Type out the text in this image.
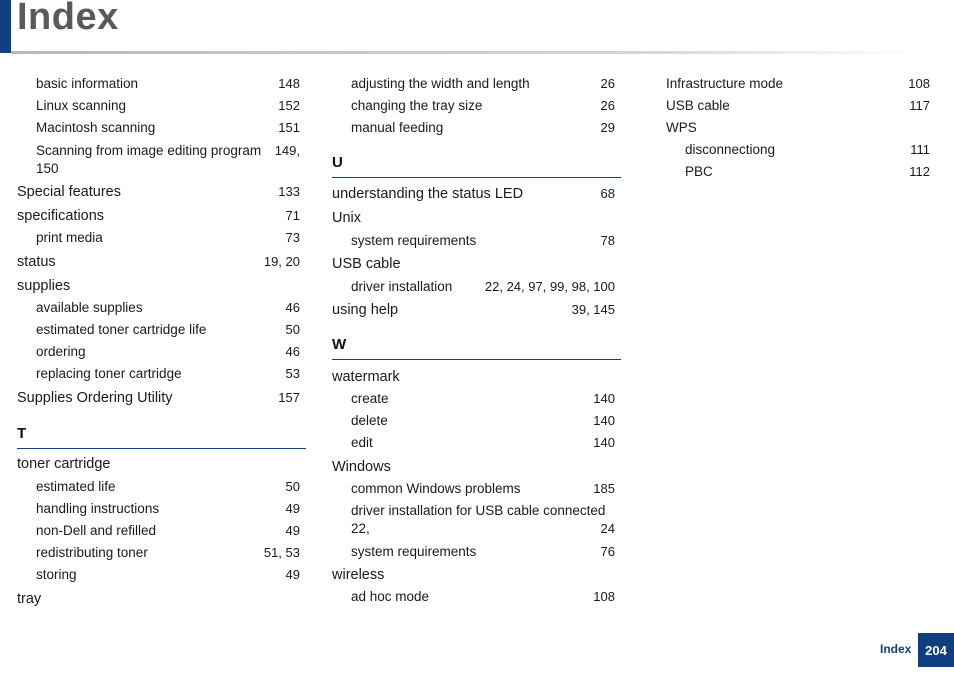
Index
basic information	148
Linux scanning	152
Macintosh scanning	151
Scanning from image editing program 149,
150
Special features	133
specifications	71
print media	73
status	19, 20
supplies
available supplies	46
estimated toner cartridge life	50
ordering	46
replacing toner cartridge	53
Supplies Ordering Utility	157
T
toner cartridge
estimated life	50
handling instructions	49
non-Dell and refilled	49
redistributing toner	51, 53
storing	49
tray
adjusting the width and length	26
changing the tray size	26
manual feeding	29
U
understanding the status LED	68
Unix
system requirements	78
USB cable
driver installation	22, 24, 97, 99, 98, 100
using help	39, 145
W
watermark
create	140
delete	140
edit	140
Windows
common Windows problems	185
driver installation for USB cable connected
22,	24
system requirements	76
wireless
ad hoc mode	108
Infrastructure mode	108
USB cable	117
WPS
disconnectiong	111
PBC	112
Index	204
